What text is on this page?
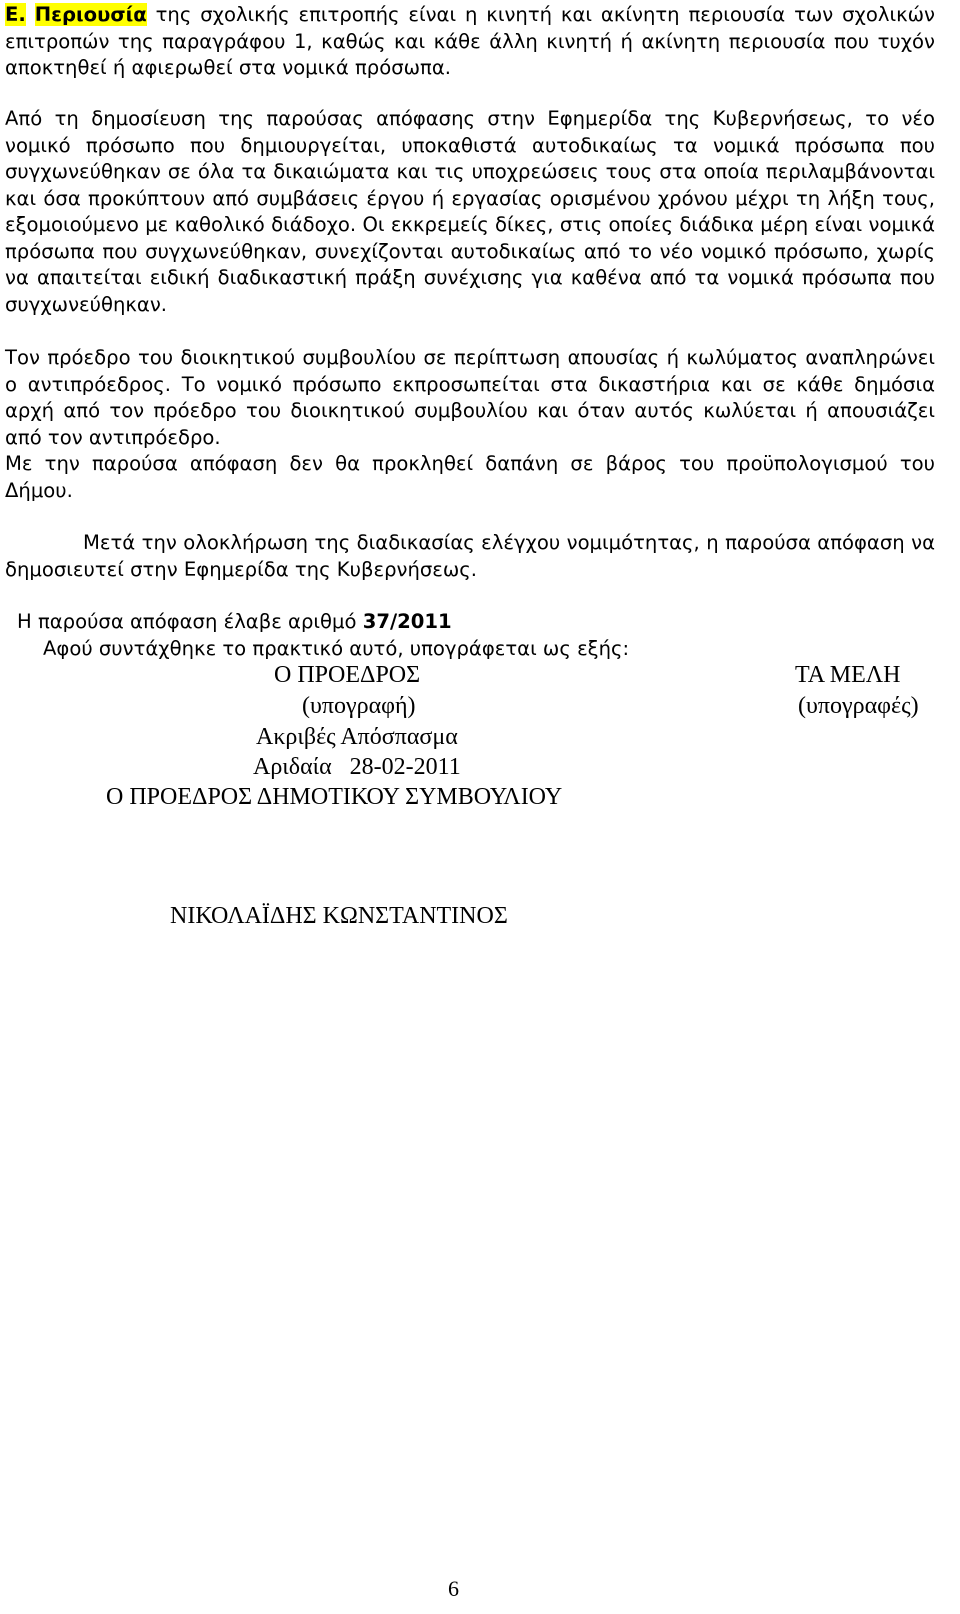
Ε. Περιουσία της σχολικής επιτροπής είναι η κινητή και ακίνητη περιουσία των σχολικών επιτροπών της παραγράφου 1, καθώς και κάθε άλλη κινητή ή ακίνητη περιουσία που τυχόν αποκτηθεί ή αφιερωθεί στα νομικά πρόσωπα.

Από τη δημοσίευση της παρούσας απόφασης στην Εφημερίδα της Κυβερνήσεως, το νέο νομικό πρόσωπο που δημιουργείται, υποκαθιστά αυτοδικαίως τα νομικά πρόσωπα που συγχωνεύθηκαν σε όλα τα δικαιώματα και τις υποχρεώσεις τους στα οποία περιλαμβάνονται και όσα προκύπτουν από συμβάσεις έργου ή εργασίας ορισμένου χρόνου μέχρι τη λήξη τους, εξομοιούμενο με καθολικό διάδοχο. Οι εκκρεμείς δίκες, στις οποίες διάδικα μέρη είναι νομικά πρόσωπα που συγχωνεύθηκαν, συνεχίζονται αυτοδικαίως από το νέο νομικό πρόσωπο, χωρίς να απαιτείται ειδική διαδικαστική πράξη συνέχισης για καθένα από τα νομικά πρόσωπα που συγχωνεύθηκαν.

Τον πρόεδρο του διοικητικού συμβουλίου σε περίπτωση απουσίας ή κωλύματος αναπληρώνει ο αντιπρόεδρος. Το νομικό πρόσωπο εκπροσωπείται στα δικαστήρια και σε κάθε δημόσια αρχή από τον πρόεδρο του διοικητικού συμβουλίου και όταν αυτός κωλύεται ή απουσιάζει από τον αντιπρόεδρο.

Με την παρούσα απόφαση δεν θα προκληθεί δαπάνη σε βάρος του προϋπολογισμού του Δήμου.

Μετά την ολοκλήρωση της διαδικασίας ελέγχου νομιμότητας, η παρούσα απόφαση να δημοσιευτεί στην Εφημερίδα της Κυβερνήσεως.

Η παρούσα απόφαση έλαβε αριθμό 37/2011

Αφού συντάχθηκε το πρακτικό αυτό, υπογράφεται ως εξής:

Ο ΠΡΟΕΔΡΟΣ	ΤΑ ΜΕΛΗ

(υπογραφή)	(υπογραφές)

Ακριβές Απόσπασμα

Αριδαία   28-02-2011

Ο ΠΡΟΕΔΡΟΣ ΔΗΜΟΤΙΚΟΥ ΣΥΜΒΟΥΛΙΟΥ

ΝΙΚΟΛΑΪΔΗΣ ΚΩΝΣΤΑΝΤΙΝΟΣ

6
